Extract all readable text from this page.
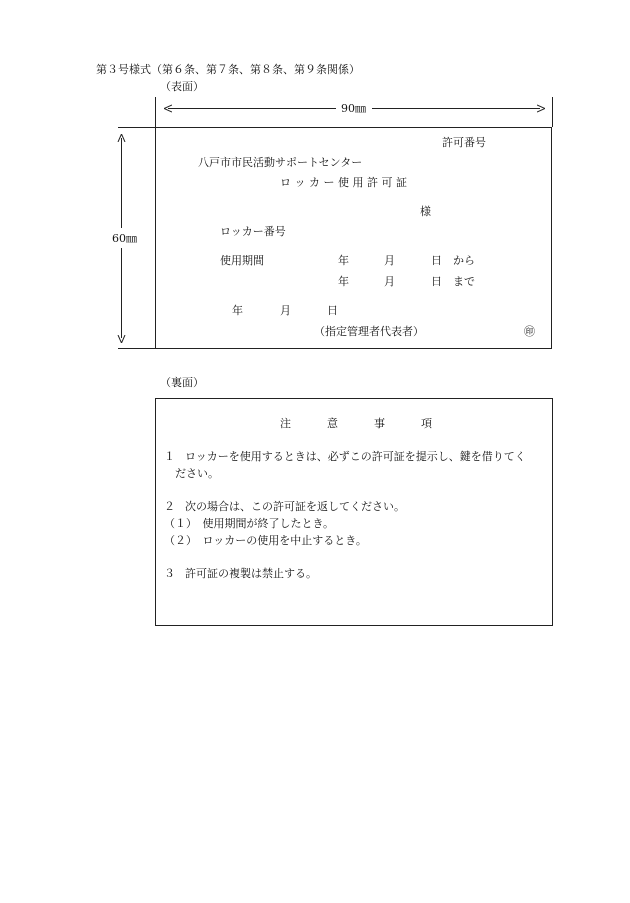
第３号様式（第６条、第７条、第８条、第９条関係）
（表面）
90㎜
60㎜
許可番号
八戸市市民活動サポートセンター
ロ ッ カ ー 使 用 許 可 証
様
ロッカー番号
使用期間	年	月	日 から
年	月	日 まで
年	月	日
（指定管理者代表者）	㊞
（裏面）
注	意	事	項
１ ロッカーを使用するときは、必ずこの許可証を提示し、鍵を借りてく
ださい。
２ 次の場合は、この許可証を返してください。
（１）　使用期間が終了したとき。
（２）　ロッカーの使用を中止するとき。
３ 許可証の複製は禁止する。
